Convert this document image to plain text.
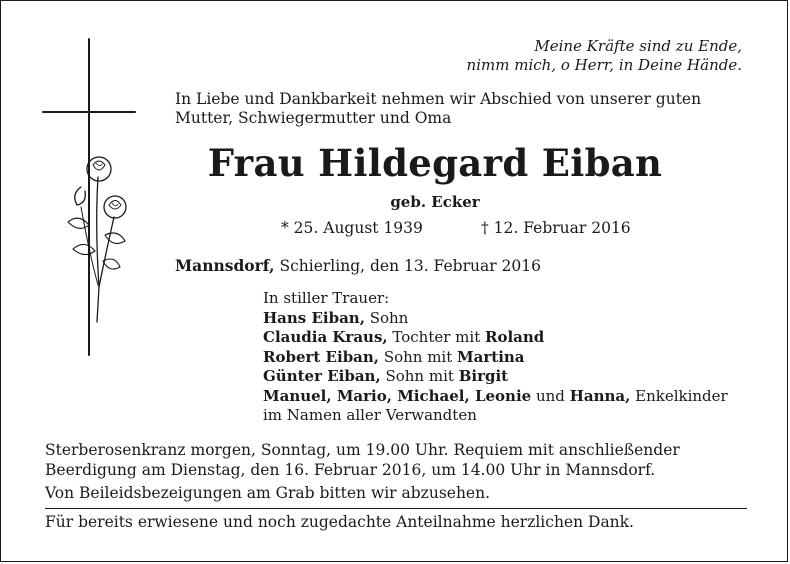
Meine Kräfte sind zu Ende,
nimm mich, o Herr, in Deine Hände.
In Liebe und Dankbarkeit nehmen wir Abschied von unserer guten
Mutter, Schwiegermutter und Oma
Frau Hildegard Eiban
geb. Ecker
* 25. August 1939	† 12. Februar 2016
Mannsdorf, Schierling, den 13. Februar 2016
In stiller Trauer:
Hans Eiban, Sohn
Claudia Kraus, Tochter mit Roland
Robert Eiban, Sohn mit Martina
Günter Eiban, Sohn mit Birgit
Manuel, Mario, Michael, Leonie und Hanna, Enkelkinder
im Namen aller Verwandten
Sterberosenkranz morgen, Sonntag, um 19.00 Uhr. Requiem mit anschließender
Beerdigung am Dienstag, den 16. Februar 2016, um 14.00 Uhr in Mannsdorf.
Von Beileidsbezeigungen am Grab bitten wir abzusehen.
Für bereits erwiesene und noch zugedachte Anteilnahme herzlichen Dank.
